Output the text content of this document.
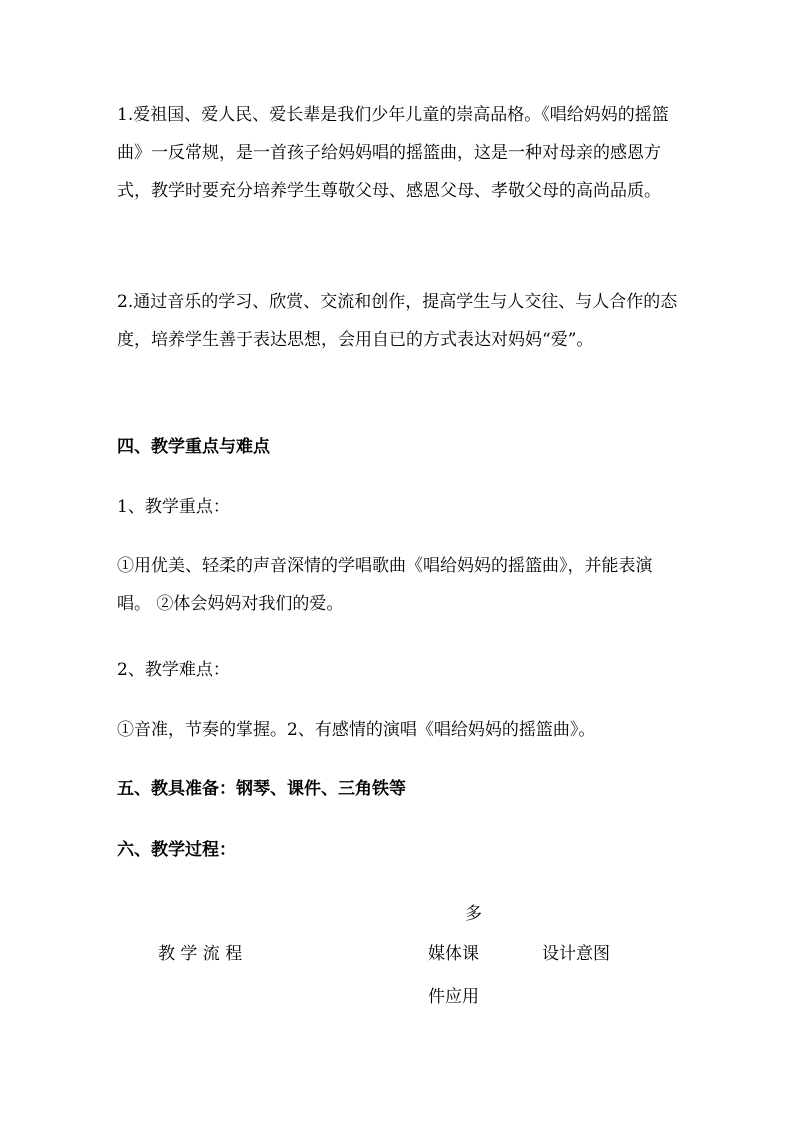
1.爱祖国、爱人民、爱长辈是我们少年儿童的崇高品格。《唱给妈妈的摇篮曲》一反常规，是一首孩子给妈妈唱的摇篮曲，这是一种对母亲的感恩方式，教学时要充分培养学生尊敬父母、感恩父母、孝敬父母的高尚品质。
2.通过音乐的学习、欣赏、交流和创作，提高学生与人交往、与人合作的态度，培养学生善于表达思想，会用自已的方式表达对妈妈“爱”。
四、教学重点与难点
1、教学重点：
①用优美、轻柔的声音深情的学唱歌曲《唱给妈妈的摇篮曲》，并能表演唱。 ②体会妈妈对我们的爱。
2、教学难点：
①音准，节奏的掌握。2、有感情的演唱《唱给妈妈的摇篮曲》。
五、教具准备：钢琴、课件、三角铁等
六、教学过程：
教 学 流 程
多
媒体课
件应用
设计意图
